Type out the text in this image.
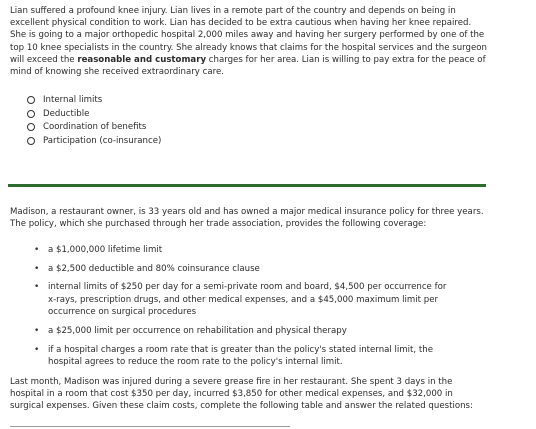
Lian suffered a profound knee injury. Lian lives in a remote part of the country and depends on being in excellent physical condition to work. Lian has decided to be extra cautious when having her knee repaired. She is going to a major orthopedic hospital 2,000 miles away and having her surgery performed by one of the top 10 knee specialists in the country. She already knows that claims for the hospital services and the surgeon will exceed the reasonable and customary charges for her area. Lian is willing to pay extra for the peace of mind of knowing she received extraordinary care.

Internal limits
Deductible
Coordination of benefits
Participation (co-insurance)

Madison, a restaurant owner, is 33 years old and has owned a major medical insurance policy for three years. The policy, which she purchased through her trade association, provides the following coverage:

• a $1,000,000 lifetime limit
• a $2,500 deductible and 80% coinsurance clause
• internal limits of $250 per day for a semi-private room and board, $4,500 per occurrence for x-rays, prescription drugs, and other medical expenses, and a $45,000 maximum limit per occurrence on surgical procedures
• a $25,000 limit per occurrence on rehabilitation and physical therapy
• if a hospital charges a room rate that is greater than the policy's stated internal limit, the hospital agrees to reduce the room rate to the policy's internal limit.

Last month, Madison was injured during a severe grease fire in her restaurant. She spent 3 days in the hospital in a room that cost $350 per day, incurred $3,850 for other medical expenses, and $32,000 in surgical expenses. Given these claim costs, complete the following table and answer the related questions:
